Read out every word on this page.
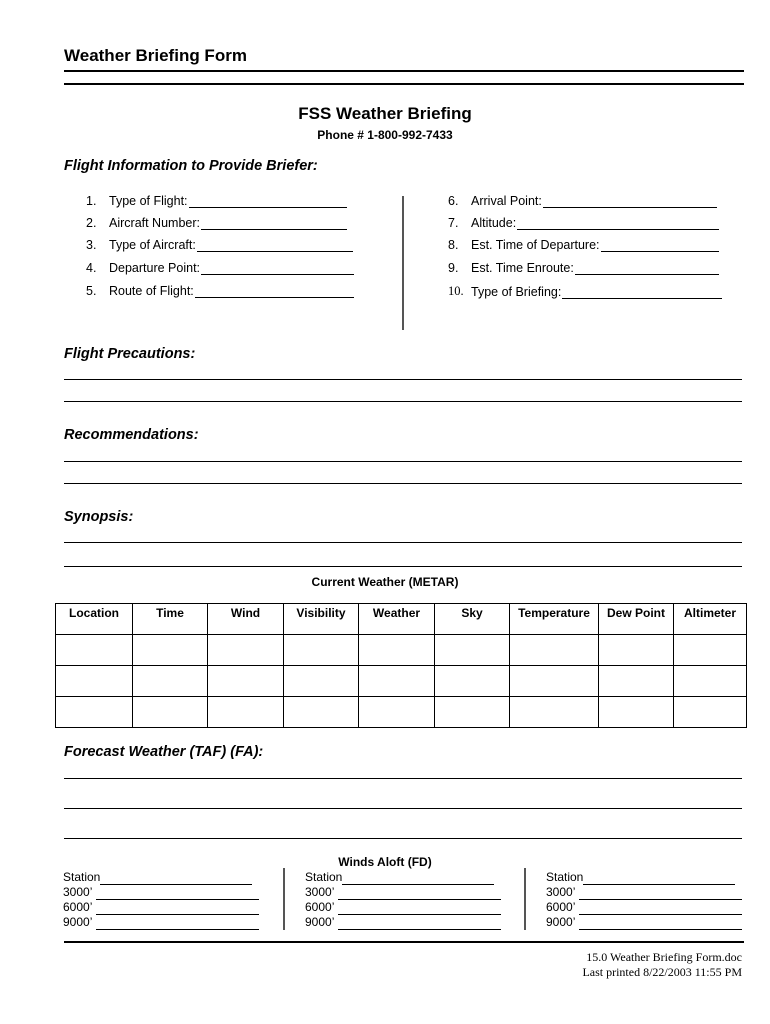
Weather Briefing Form
FSS Weather Briefing
Phone # 1-800-992-7433
Flight Information to Provide Briefer:
1.	Type of Flight:
2.	Aircraft Number:
3.	Type of Aircraft:
4.	Departure Point:
5.	Route of Flight:
6.	Arrival Point:
7.	Altitude:
8.	Est. Time of Departure:
9.	Est. Time Enroute:
10. Type of Briefing:
Flight Precautions:
Recommendations:
Synopsis:
Current Weather (METAR)
Location	Time	Wind	Visibility	Weather	Sky	Temperature	Dew Point	Altimeter

Forecast Weather (TAF) (FA):
Winds Aloft (FD)
Station
3000’
6000’
9000’
Station
3000’
6000’
9000’
Station
3000’
6000’
9000’
15.0 Weather Briefing Form.doc
Last printed 8/22/2003 11:55 PM
